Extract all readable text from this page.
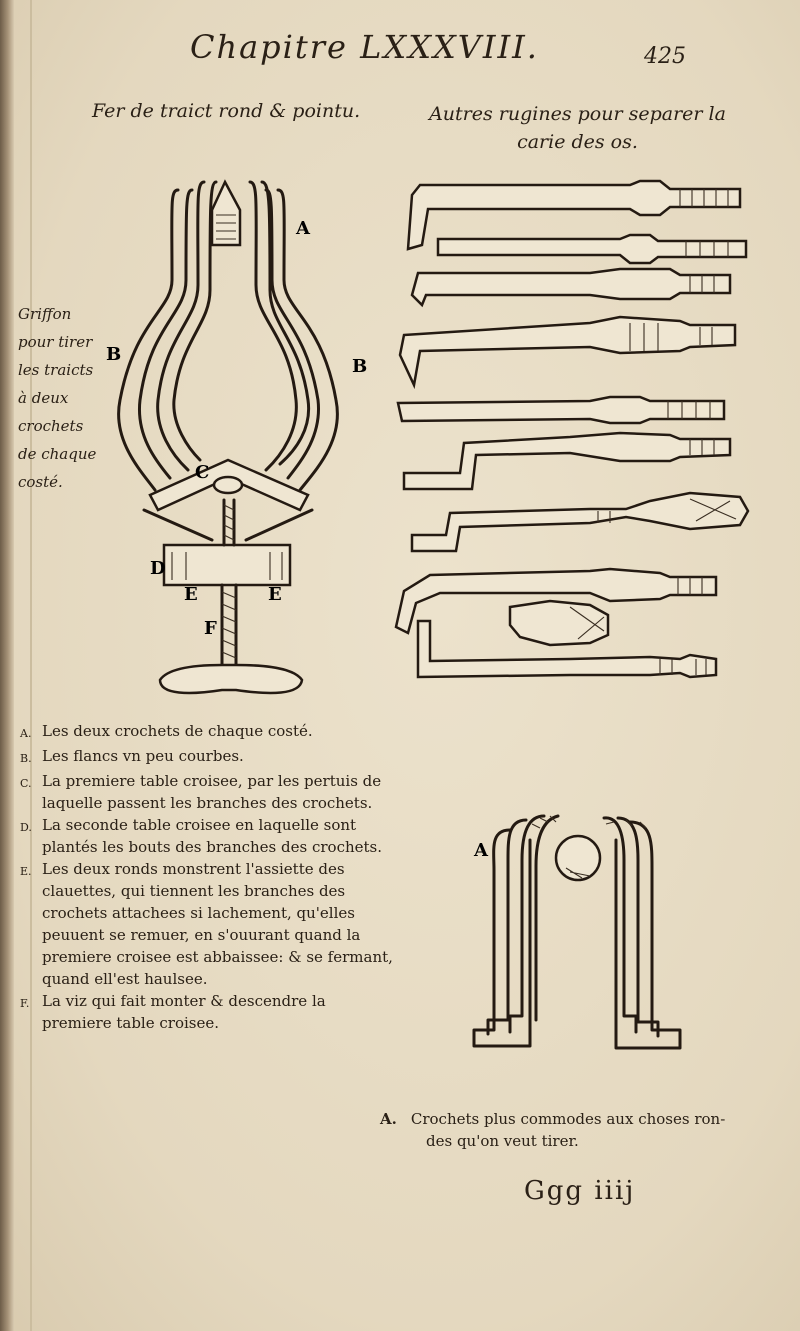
Chapitre LXXXVIII.	425
Fer de traict rond & pointu.	Autres rugines pour separer la
carie des os.
Griffon
pour tirer
les traicts
à deux
crochets
de chaque
costé.
A
B
B
C
D
E	E
F
A. Les deux crochets de chaque costé.
B. Les flancs vn peu courbes.
C. La premiere table croisee, par les pertuis de laquelle passent les branches des crochets.
D. La seconde table croisee en laquelle sont plantés les bouts des branches des crochets.
E. Les deux ronds monstrent l'assiette des clauettes, qui tiennent les branches des crochets attachees si lachement, qu'elles peuuent se remuer, en s'ouurant quand la premiere croisee est abbaissee: & se fermant, quand ell'est haulsee.
F. La viz qui fait monter & descendre la premiere table croisee.
A
A. Crochets plus commodes aux choses ron-
des qu'on veut tirer.
Ggg iiij
